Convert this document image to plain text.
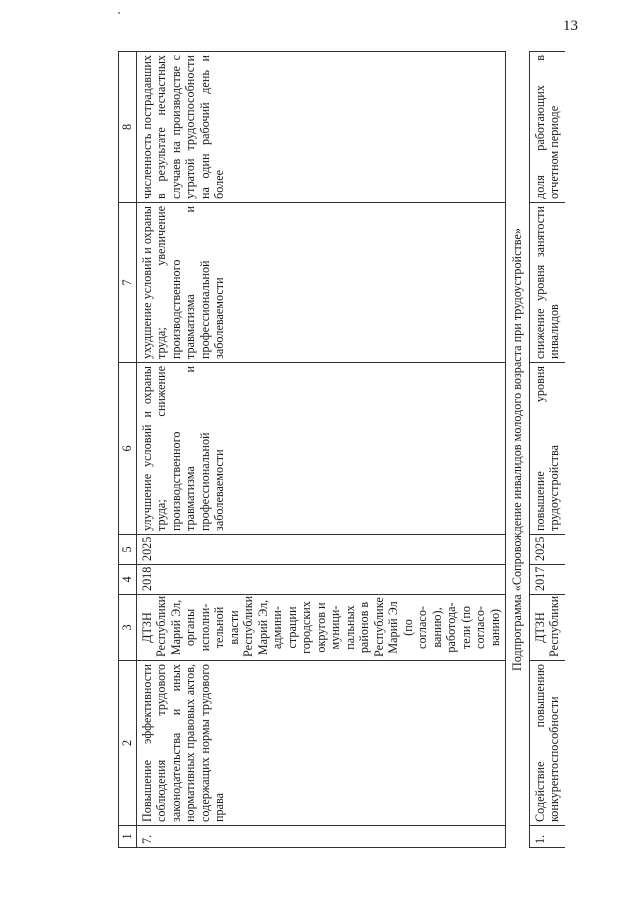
13
1	2	3	4	5	6	7	8
7.	Повышение эффективности соблюдения трудового законодательства и иных нормативных правовых актов, содержащих нормы трудового права	ДТЗН Республики Марий Эл, органы исполни-тельной власти Республики Марий Эл, админи-страции городских округов и муници-пальных районов в Республике Марий Эл (по согласо-ванию), работода-тели (по согласо-ванию)	2018	2025	улучшение условий и охраны труда; снижение производственного травматизма и профессиональной заболеваемости	ухудшение условий и охраны труда; увеличение производственного травматизма и профессиональной заболеваемости	численность пострадавших в результате несчастных случаев на производстве с утратой трудоспособности на один рабочий день и более
Подпрограмма «Сопровождение инвалидов молодого возраста при трудоустройстве»							
1.	Содействие повышению конкурентоспособности	ДТЗН Республики	2017	2025	повышение уровня трудоустройства	снижение уровня занятости инвалидов	доля работающих в отчетном периоде
